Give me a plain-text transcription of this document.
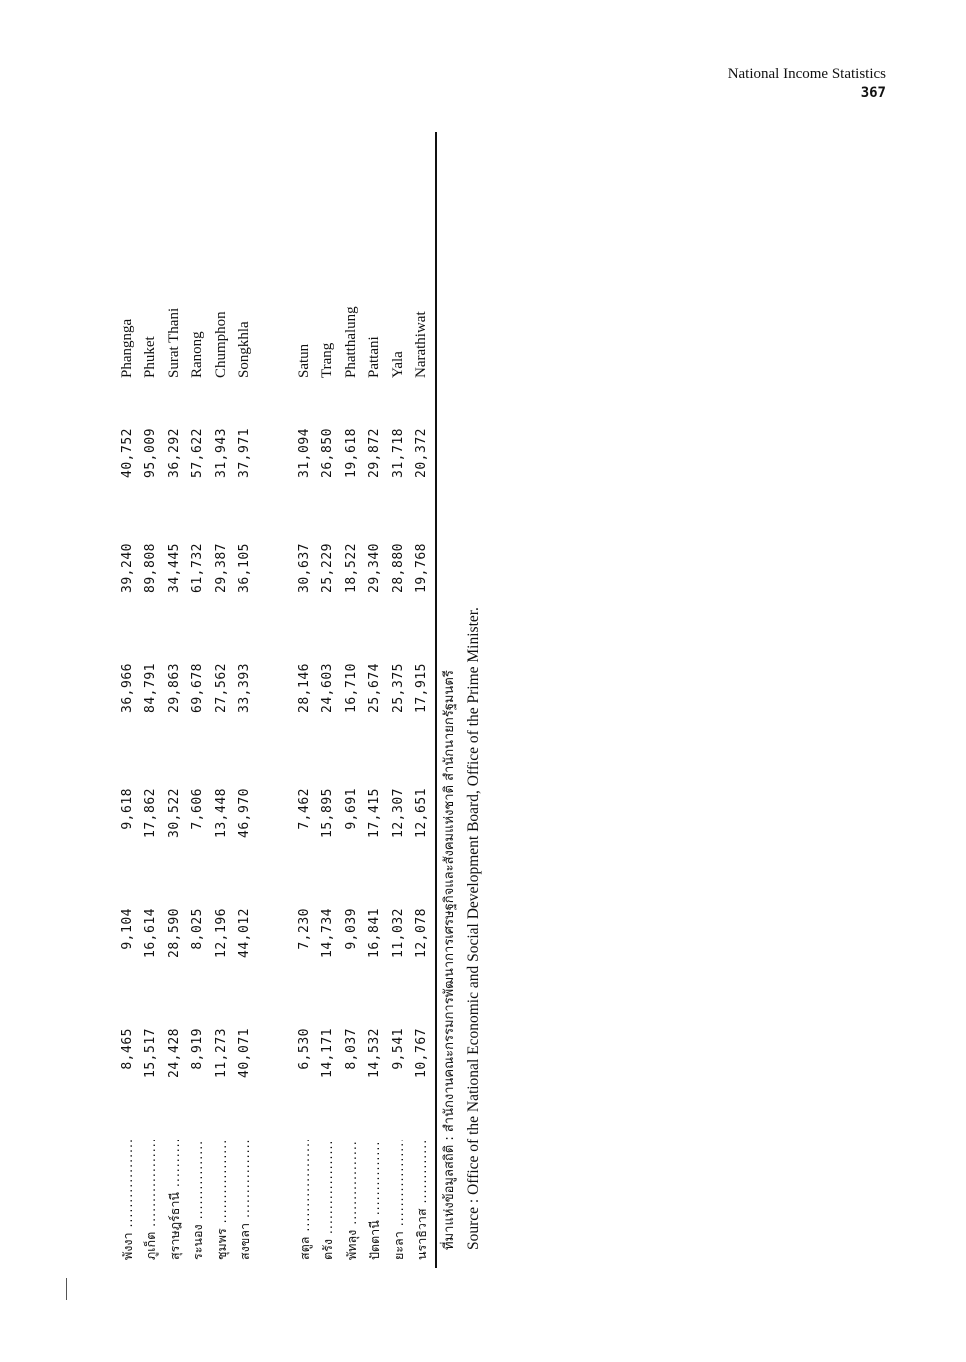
National Income Statistics
367
พังงา .....
8,465
9,104
9,618
36,966
39,240
40,752
Phangnga
ภูเก็ต .....
15,517
16,614
17,862
84,791
89,808
95,009
Phuket
สุราษฎร์ธานี .....
24,428
28,590
30,522
29,863
34,445
36,292
Surat Thani
ระนอง .....
8,919
8,025
7,606
69,678
61,732
57,622
Ranong
ชุมพร .....
11,273
12,196
13,448
27,562
29,387
31,943
Chumphon
สงขลา .....
40,071
44,012
46,970
33,393
36,105
37,971
Songkhla
สตูล .....
6,530
7,230
7,462
28,146
30,637
31,094
Satun
ตรัง .....
14,171
14,734
15,895
24,603
25,229
26,850
Trang
พัทลุง .....
8,037
9,039
9,691
16,710
18,522
19,618
Phatthalung
ปัตตานี .....
14,532
16,841
17,415
25,674
29,340
29,872
Pattani
ยะลา .....
9,541
11,032
12,307
25,375
28,880
31,718
Yala
นราธิวาส .....
10,767
12,078
12,651
17,915
19,768
20,372
Narathiwat
ที่มาแห่งข้อมูลสถิติ : สำนักงานคณะกรรมการพัฒนาการเศรษฐกิจและสังคมแห่งชาติ สำนักนายกรัฐมนตรี Source : Office of the National Economic and Social Development Board, Office of the Prime Minister.
